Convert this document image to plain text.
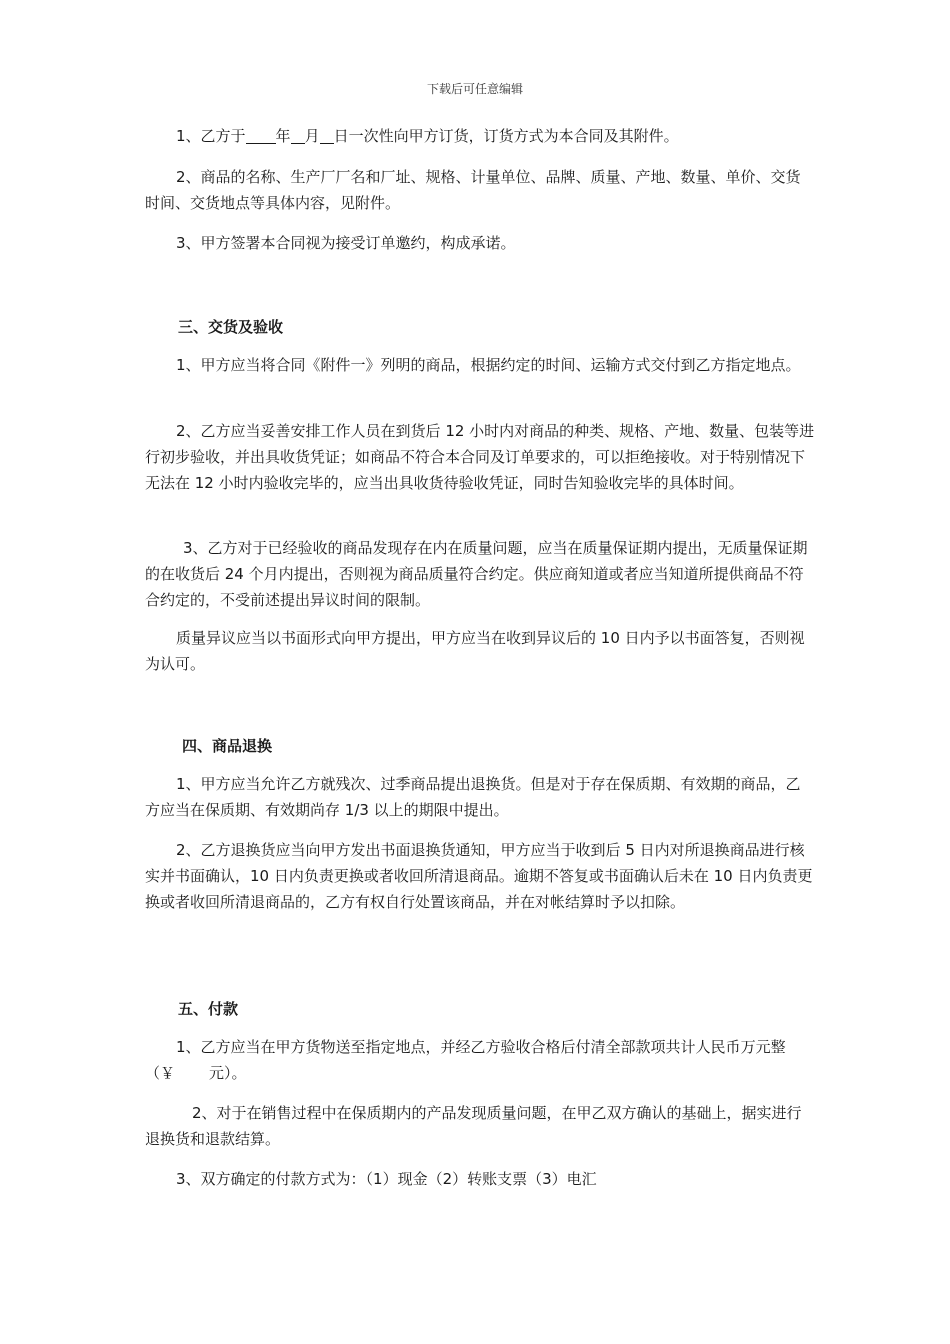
下载后可任意编辑

1、乙方于 年 月 日一次性向甲方订货，订货方式为本合同及其附件。

2、商品的名称、生产厂厂名和厂址、规格、计量单位、品牌、质量、产地、数量、单价、交货时间、交货地点等具体内容，见附件。

3、甲方签署本合同视为接受订单邀约，构成承诺。

三、交货及验收

1、甲方应当将合同《附件一》列明的商品，根据约定的时间、运输方式交付到乙方指定地点。

2、乙方应当妥善安排工作人员在到货后 12 小时内对商品的种类、规格、产地、数量、包装等进行初步验收，并出具收货凭证；如商品不符合本合同及订单要求的，可以拒绝接收。对于特别情况下无法在 12 小时内验收完毕的，应当出具收货待验收凭证，同时告知验收完毕的具体时间。

3、乙方对于已经验收的商品发现存在内在质量问题，应当在质量保证期内提出，无质量保证期的在收货后 24 个月内提出，否则视为商品质量符合约定。供应商知道或者应当知道所提供商品不符合约定的，不受前述提出异议时间的限制。

质量异议应当以书面形式向甲方提出，甲方应当在收到异议后的 10 日内予以书面答复，否则视为认可。

四、商品退换

1、甲方应当允许乙方就残次、过季商品提出退换货。但是对于存在保质期、有效期的商品，乙方应当在保质期、有效期尚存 1/3 以上的期限中提出。

2、乙方退换货应当向甲方发出书面退换货通知，甲方应当于收到后 5 日内对所退换商品进行核实并书面确认，10 日内负责更换或者收回所清退商品。逾期不答复或书面确认后未在 10 日内负责更换或者收回所清退商品的，乙方有权自行处置该商品，并在对帐结算时予以扣除。

五、付款

1、乙方应当在甲方货物送至指定地点，并经乙方验收合格后付清全部款项共计人民币万元整（￥ 元）。

2、对于在销售过程中在保质期内的产品发现质量问题，在甲乙双方确认的基础上，据实进行退换货和退款结算。

3、双方确定的付款方式为：（1）现金（2）转账支票（3）电汇
